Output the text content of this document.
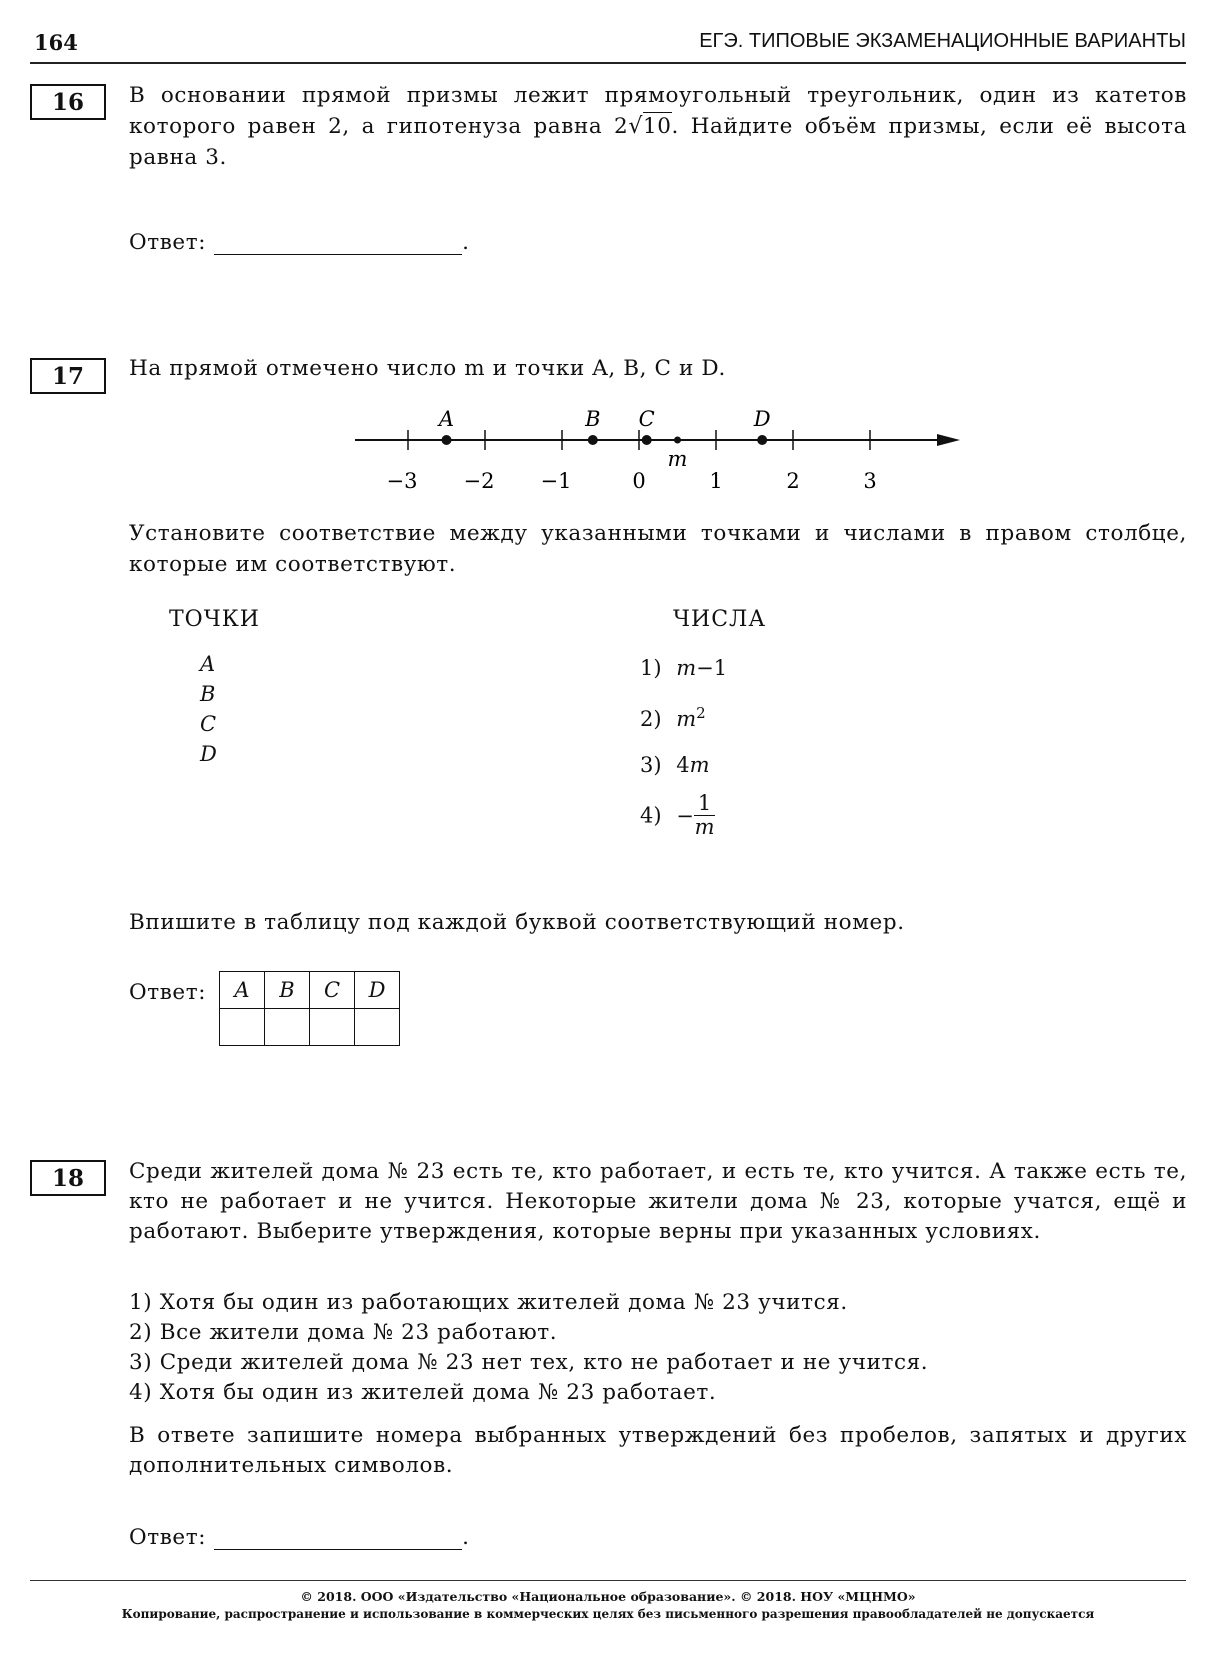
164	ЕГЭ. ТИПОВЫЕ ЭКЗАМЕНАЦИОННЫЕ ВАРИАНТЫ
16	В основании прямой призмы лежит прямоугольный треугольник, один из катетов которого равен 2, а гипотенуза равна 2√10. Найдите объём призмы, если её высота равна 3.
Ответ:	.
17	На прямой отмечено число m и точки A, B, C и D.
−3 −2 −1	0	1	2	3
A	B C
m
D
Установите соответствие между указанными точками и числами в правом столбце, которые им соответствуют.
ТОЧКИ	ЧИСЛА
A
B
C
D
1) m−1
2) $m^2$
3) 4m
$4) - \frac{1}{m}$
Впишите в таблицу под каждой буквой соответствующий номер.
Ответ: A	B	C	D

18	Среди жителей дома № 23 есть те, кто работает, и есть те, кто учится. А также есть те, кто не работает и не учится. Некоторые жители дома № 23, которые учатся, ещё и работают. Выберите утверждения, которые верны при указанных условиях.
1) Хотя бы один из работающих жителей дома № 23 учится.
2) Все жители дома № 23 работают.
3) Среди жителей дома № 23 нет тех, кто не работает и не учится.
4) Хотя бы один из жителей дома № 23 работает.
В ответе запишите номера выбранных утверждений без пробелов, запятых и других дополнительных символов.
Ответ:	.
© 2018. ООО «Издательство «Национальное образование». © 2018. НОУ «МЦНМО»
Копирование, распространение и использование в коммерческих целях без письменного разрешения правообладателей не допускается
